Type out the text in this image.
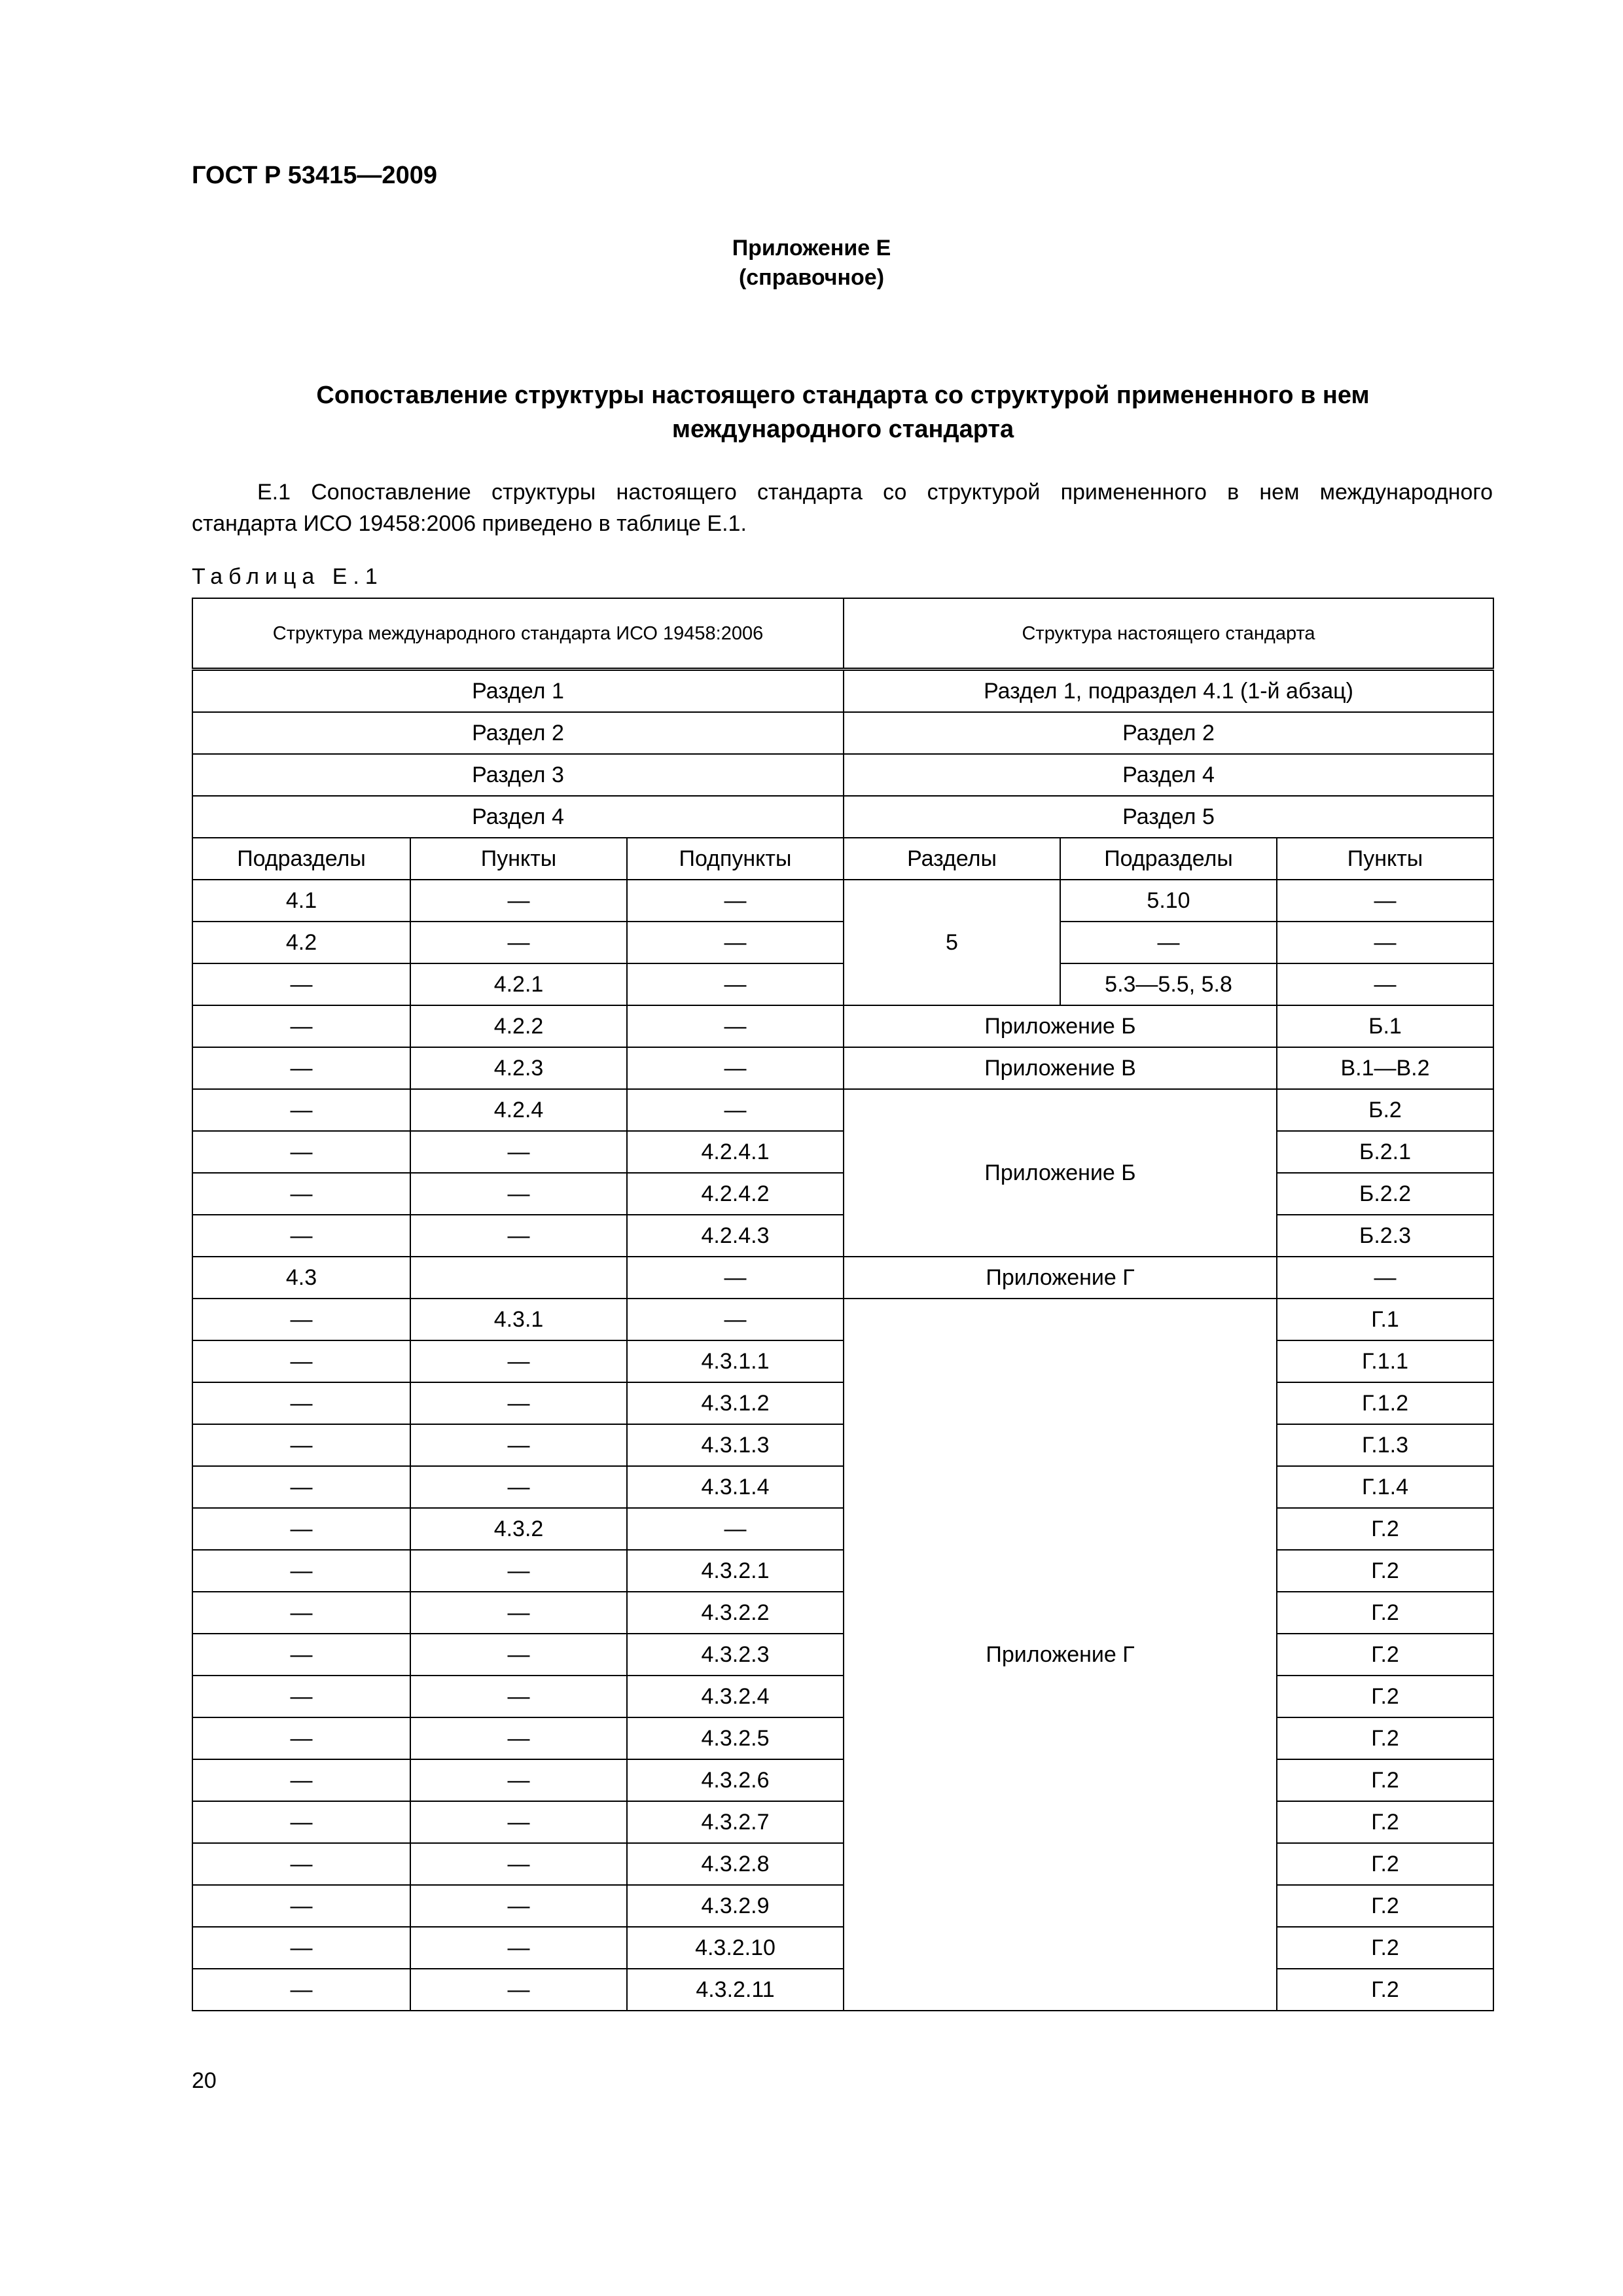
ГОСТ Р 53415—2009
Приложение Е
(справочное)
Сопоставление структуры настоящего стандарта со структурой примененного в нем
международного стандарта
Е.1 Сопоставление структуры настоящего стандарта со структурой примененного в нем международного
стандарта ИСО 19458:2006 приведено в таблице Е.1.
Таблица Е.1
Структура международного стандарта ИСО 19458:2006			Структура настоящего стандарта		
Раздел 1			Раздел 1, подраздел 4.1 (1-й абзац)		
Раздел 2			Раздел 2		
Раздел 3			Раздел 4		
Раздел 4			Раздел 5		
Подразделы	Пункты	Подпункты	Разделы	Подразделы	Пункты
4.1	—	—	5	5.10	—
4.2	—	—		—	—
—	4.2.1	—		5.3—5.5, 5.8	—
—	4.2.2	—	Приложение Б		Б.1
—	4.2.3	—	Приложение В		В.1—В.2
—	4.2.4	—	Приложение Б		Б.2
—	—	4.2.4.1			Б.2.1
—	—	4.2.4.2			Б.2.2
—	—	4.2.4.3			Б.2.3
4.3		—	Приложение Г		—
—	4.3.1	—	Приложение Г		Г.1
—	—	4.3.1.1			Г.1.1
—	—	4.3.1.2			Г.1.2
—	—	4.3.1.3			Г.1.3
—	—	4.3.1.4			Г.1.4
—	4.3.2	—			Г.2
—	—	4.3.2.1			Г.2
—	—	4.3.2.2			Г.2
—	—	4.3.2.3			Г.2
—	—	4.3.2.4			Г.2
—	—	4.3.2.5			Г.2
—	—	4.3.2.6			Г.2
—	—	4.3.2.7			Г.2
—	—	4.3.2.8			Г.2
—	—	4.3.2.9			Г.2
—	—	4.3.2.10			Г.2
—	—	4.3.2.11			Г.2
20
